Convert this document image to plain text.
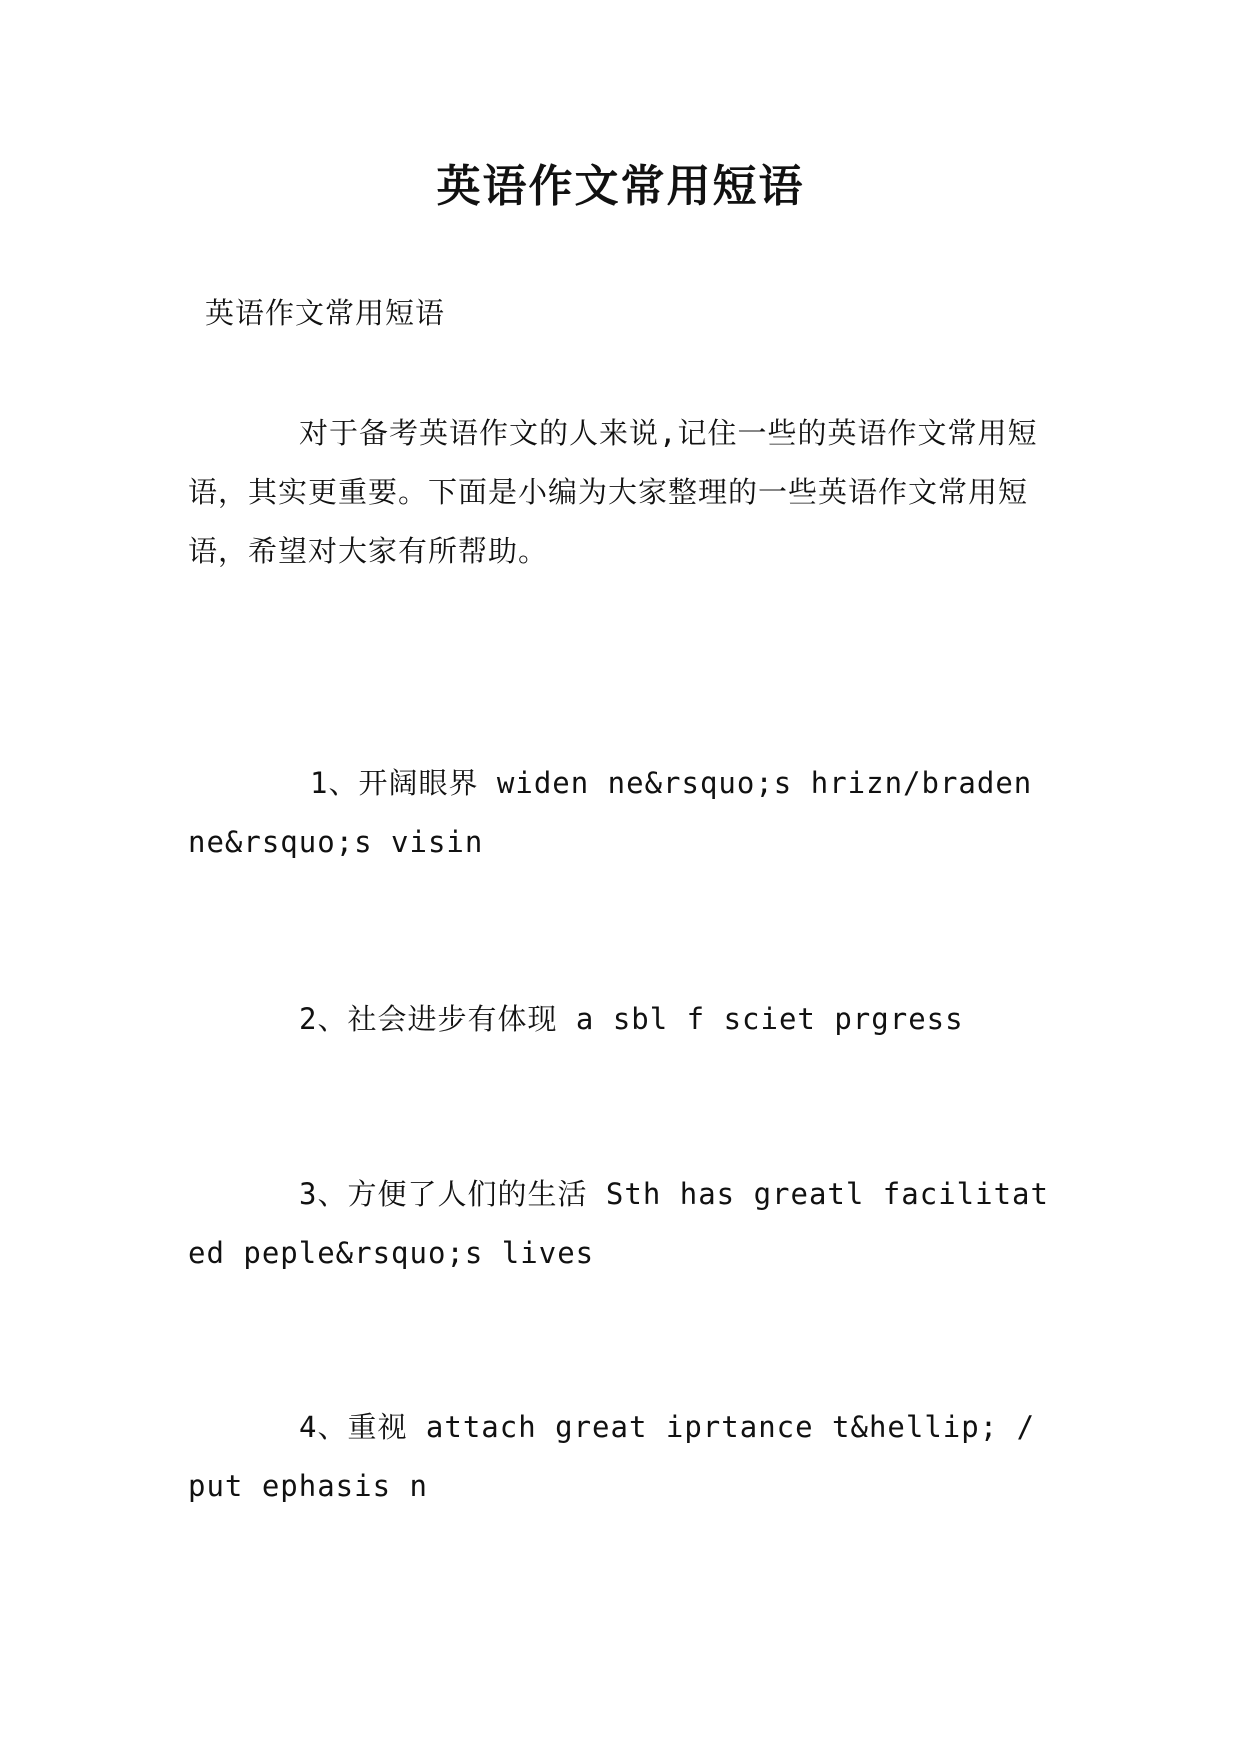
英语作文常用短语

英语作文常用短语

对于备考英语作文的人来说,记住一些的英语作文常用短语，其实更重要。下面是小编为大家整理的一些英语作文常用短语，希望对大家有所帮助。

1、开阔眼界 widen ne&rsquo;s hrizn/braden ne&rsquo;s visin

2、社会进步有体现 a sbl f sciet prgress

3、方便了人们的生活 Sth has greatl facilitated peple&rsquo;s lives

4、重视 attach great iprtance t&hellip; / put ephasis n
